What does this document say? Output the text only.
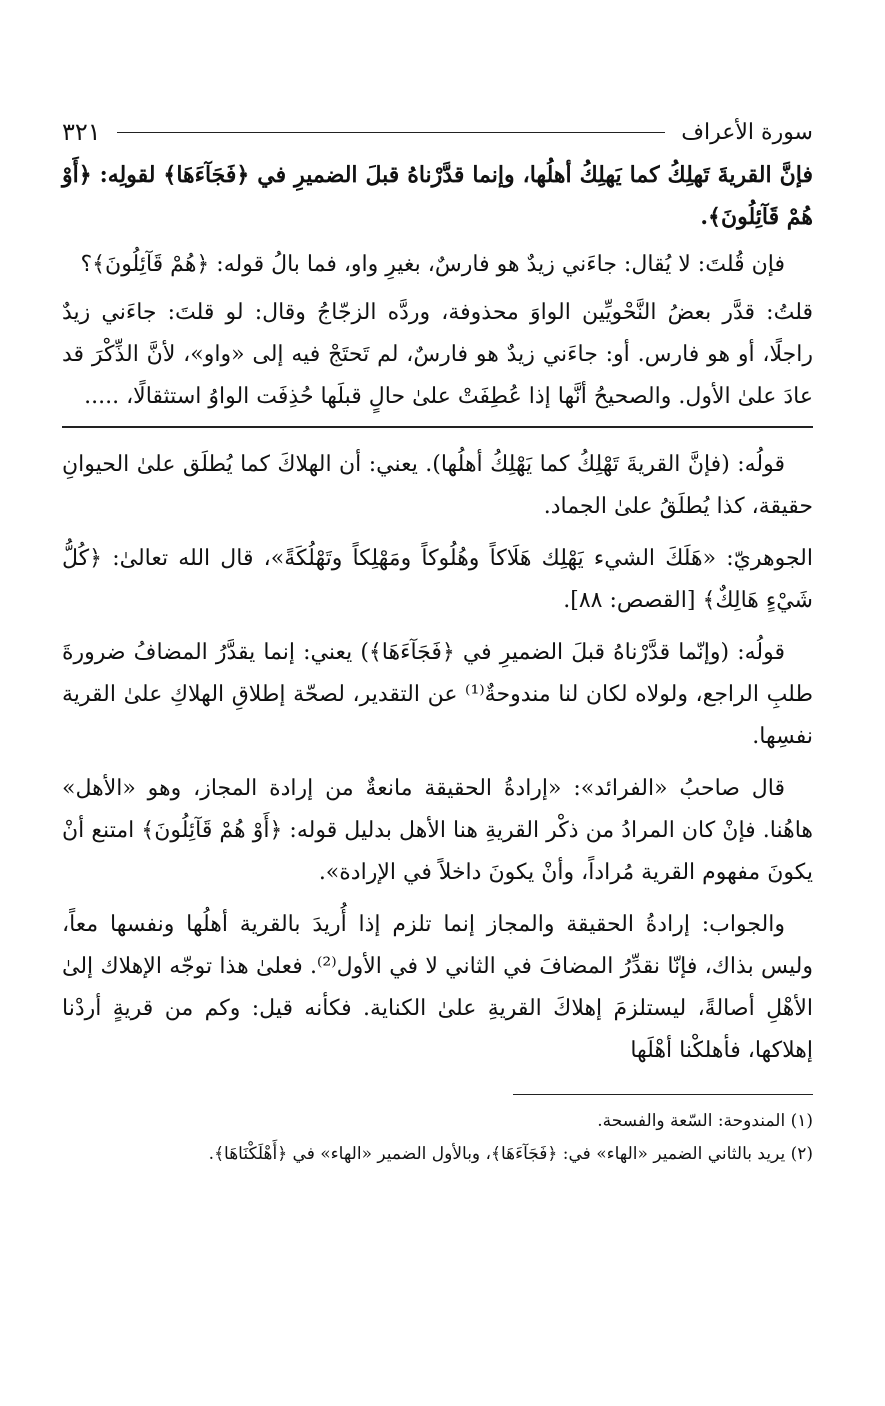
سورة الأعراف
٣٢١

فإنَّ القريةَ تَهلِكُ كما يَهلِكُ أهلُها، وإنما قدَّرْناهُ قبلَ الضميرِ في ﴿فَجَآءَهَا﴾ لقولِه: ﴿أَوْ هُمْ قَآئِلُونَ﴾.

فإن قُلتَ: لا يُقال: جاءَني زيدٌ هو فارسٌ، بغيرِ واو، فما بالُ قوله: ﴿هُمْ قَآئِلُونَ﴾؟

قلتُ: قدَّر بعضُ النَّحْويِّين الواوَ محذوفة، وردَّه الزجّاجُ وقال: لو قلتَ: جاءَني زيدٌ راجلًا، أو هو فارس. أو: جاءَني زيدٌ هو فارسٌ، لم تَحتَجْ فيه إلى «واو»، لأنَّ الذِّكْرَ قد عادَ علىٰ الأول. والصحيحُ أنَّها إذا عُطِفَتْ علىٰ حالٍ قبلَها حُذِفَت الواوُ استثقالًا، .....

قولُه: (فإنَّ القريةَ تَهْلِكُ كما يَهْلِكُ أهلُها). يعني: أن الهلاكَ كما يُطلَق علىٰ الحيوانِ حقيقة، كذا يُطلَقُ علىٰ الجماد.

الجوهريّ: «هَلَكَ الشيء يَهْلِك هَلَاكاً وهُلُوكاً ومَهْلِكاً وتَهْلُكَةً»، قال الله تعالىٰ: ﴿كُلُّ شَيْءٍ هَالِكٌ﴾ [القصص: ٨٨].

قولُه: (وإنّما قدَّرْناهُ قبلَ الضميرِ في ﴿فَجَآءَهَا﴾) يعني: إنما يقدَّرُ المضافُ ضرورةَ طلبِ الراجع، ولولاه لكان لنا مندوحةٌ⁽¹⁾ عن التقدير، لصحّة إطلاقِ الهلاكِ علىٰ القرية نفسِها.

قال صاحبُ «الفرائد»: «إرادةُ الحقيقة مانعةٌ من إرادة المجاز، وهو «الأهل» هاهُنا. فإنْ كان المرادُ من ذكْر القريةِ هنا الأهل بدليل قوله: ﴿أَوْ هُمْ قَآئِلُونَ﴾ امتنع أنْ يكونَ مفهوم القرية مُراداً، وأنْ يكونَ داخلاً في الإرادة».

والجواب: إرادةُ الحقيقة والمجاز إنما تلزم إذا أُريدَ بالقرية أهلُها ونفسها معاً، وليس بذاك، فإنّا نقدِّرُ المضافَ في الثاني لا في الأول⁽²⁾. فعلىٰ هذا توجّه الإهلاك إلىٰ الأهْلِ أصالةً، ليستلزمَ إهلاكَ القريةِ علىٰ الكناية. فكأنه قيل: وكم من قريةٍ أردْنا إهلاكها، فأهلكْنا أهْلَها

(١) المندوحة: السّعة والفسحة.

(٢) يريد بالثاني الضمير «الهاء» في: ﴿فَجَآءَهَا﴾، وبالأول الضمير «الهاء» في ﴿أَهْلَكْنَاهَا﴾.
